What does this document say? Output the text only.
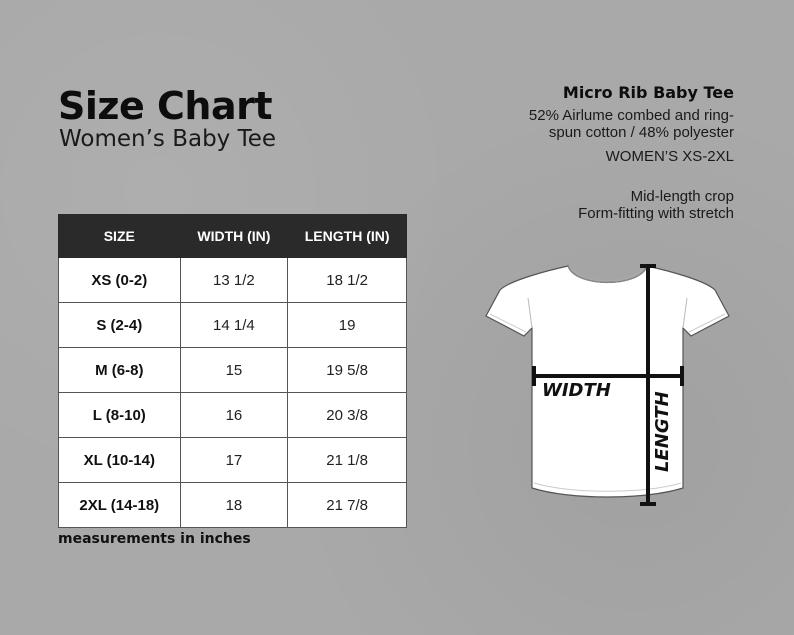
Size Chart
Women’s Baby Tee
Micro Rib Baby Tee
52% Airlume combed and ring-
spun cotton / 48% polyester
WOMEN’S XS-2XL
Mid-length crop
Form-fitting with stretch
SIZE	WIDTH (IN)	LENGTH (IN)
XS (0-2)	13 1/2	18 1/2
S (2-4)	14 1/4	19
M (6-8)	15	19 5/8
L (8-10)	16	20 3/8
XL (10-14)	17	21 1/8
2XL (14-18)	18	21 7/8
measurements in inches
WIDTH
LENGTH
